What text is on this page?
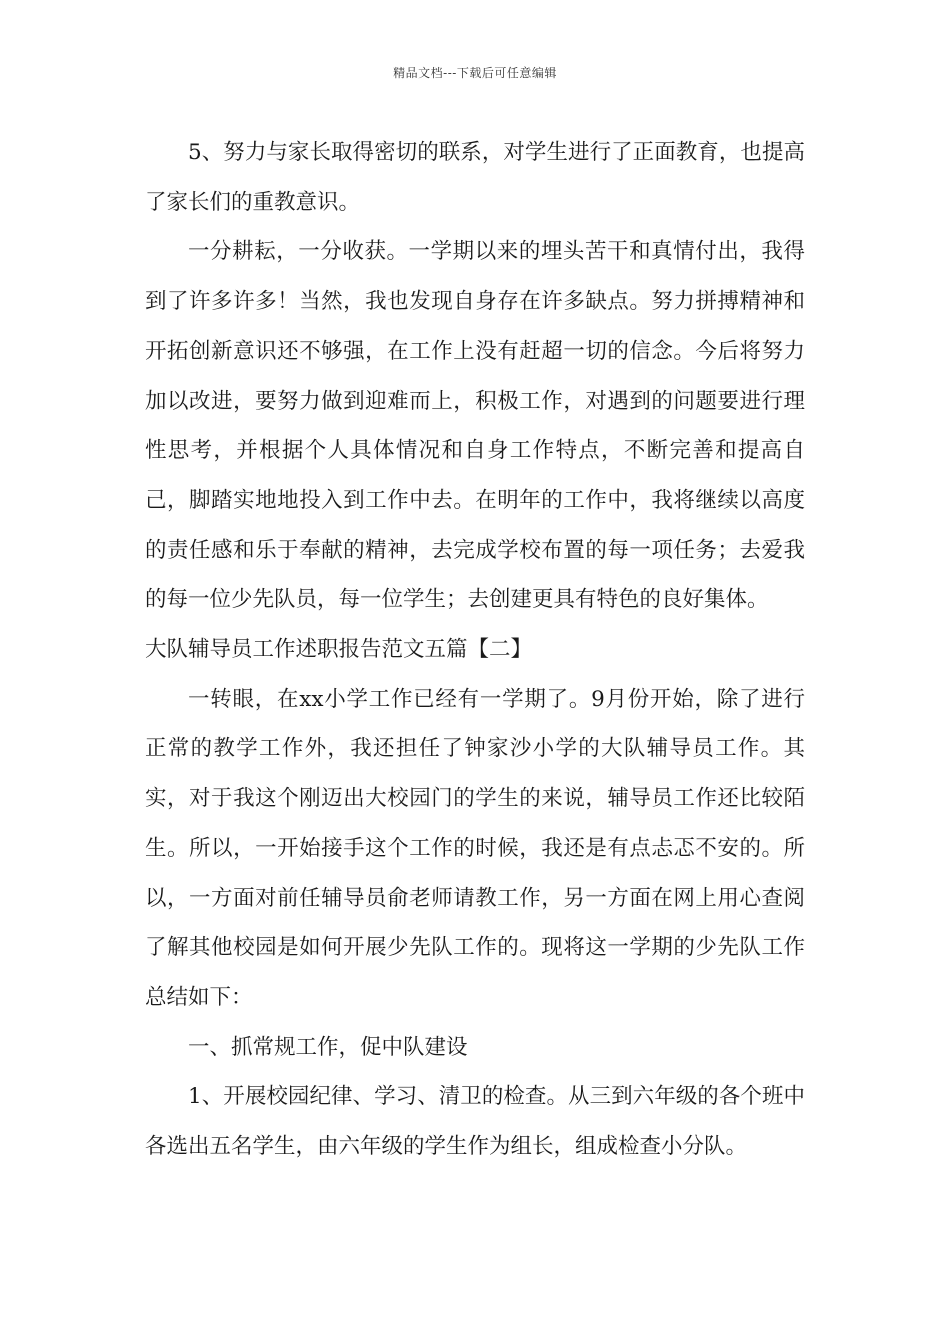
精品文档---下载后可任意编辑

5、努力与家长取得密切的联系，对学生进行了正面教育，也提高了家长们的重教意识。

一分耕耘，一分收获。一学期以来的埋头苦干和真情付出，我得到了许多许多！当然，我也发现自身存在许多缺点。努力拼搏精神和开拓创新意识还不够强，在工作上没有赶超一切的信念。今后将努力加以改进，要努力做到迎难而上，积极工作，对遇到的问题要进行理性思考，并根据个人具体情况和自身工作特点，不断完善和提高自己，脚踏实地地投入到工作中去。在明年的工作中，我将继续以高度的责任感和乐于奉献的精神，去完成学校布置的每一项任务；去爱我的每一位少先队员，每一位学生；去创建更具有特色的良好集体。

大队辅导员工作述职报告范文五篇【二】

一转眼，在xx小学工作已经有一学期了。9月份开始，除了进行正常的教学工作外，我还担任了钟家沙小学的大队辅导员工作。其实，对于我这个刚迈出大校园门的学生的来说，辅导员工作还比较陌生。所以，一开始接手这个工作的时候，我还是有点忐忑不安的。所以，一方面对前任辅导员俞老师请教工作，另一方面在网上用心查阅了解其他校园是如何开展少先队工作的。现将这一学期的少先队工作总结如下：

一、抓常规工作，促中队建设

1、开展校园纪律、学习、清卫的检查。从三到六年级的各个班中各选出五名学生，由六年级的学生作为组长，组成检查小分队。
